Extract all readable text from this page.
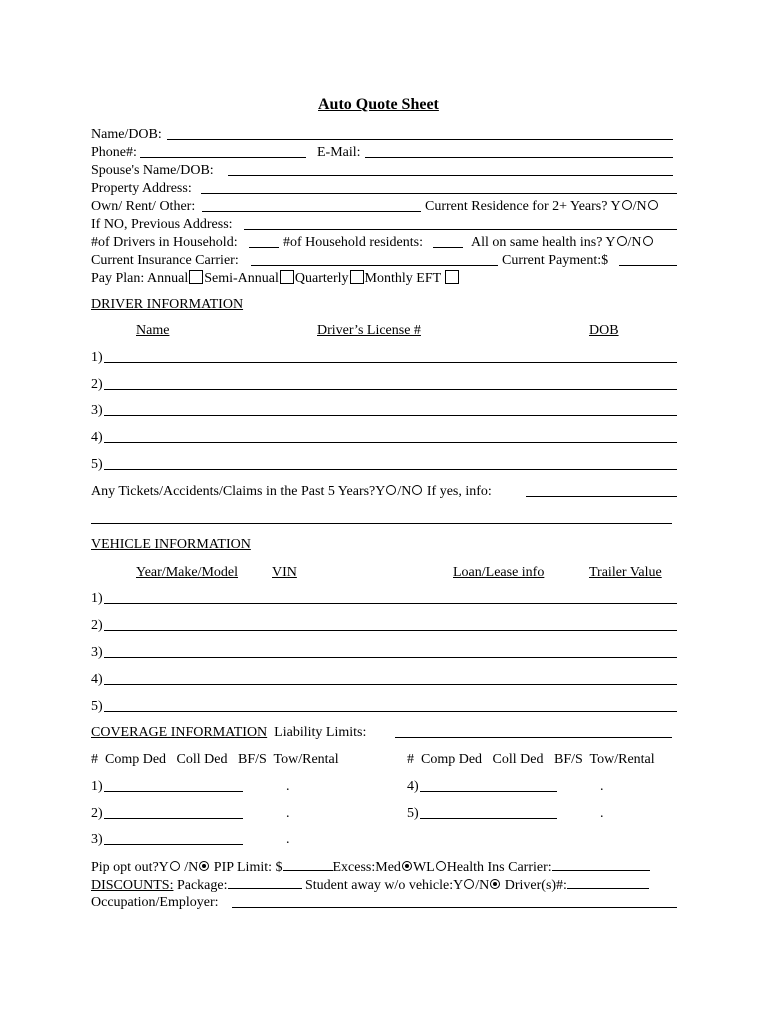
Auto Quote Sheet
Name/DOB:
Phone#:	E-Mail:
Spouse's Name/DOB:
Property Address:
Own/ Rent/ Other:	Current Residence for 2+ Years? Y /N
If NO, Previous Address:
#of Drivers in Household:	#of Household residents:	All on same health ins? Y /N
Current Insurance Carrier:	Current Payment:$
Pay Plan: Annual Semi-Annual Quarterly Monthly EFT
DRIVER INFORMATION
Name	Driver’s License #	DOB
1)
2)
3)
4)
5)
Any Tickets/Accidents/Claims in the Past 5 Years?Y /N If yes, info:
VEHICLE INFORMATION
Year/Make/Model VIN	Loan/Lease info	Trailer Value
1)
2)
3)
4)
5)
COVERAGE INFORMATION Liability Limits:
#  Comp Ded   Coll Ded   BF/S  Tow/Rental	#  Comp Ded   Coll Ded   BF/S  Tow/Rental
1)	.	4)	.
2)	.	5)	.
3)	.
Pip opt out?Y /N PIP Limit: $	Excess:Med WL Health Ins Carrier:
DISCOUNTS: Package:	Student away w/o vehicle:Y /N Driver(s)#:
Occupation/Employer:
